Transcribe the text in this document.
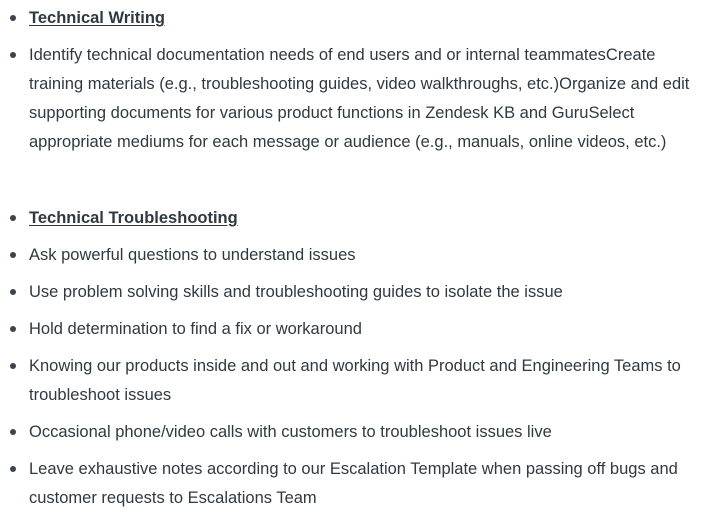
Technical Writing
Identify technical documentation needs of end users and or internal teammatesCreate training materials (e.g., troubleshooting guides, video walkthroughs, etc.)Organize and edit supporting documents for various product functions in Zendesk KB and GuruSelect appropriate mediums for each message or audience (e.g., manuals, online videos, etc.)
Technical Troubleshooting
Ask powerful questions to understand issues
Use problem solving skills and troubleshooting guides to isolate the issue
Hold determination to find a fix or workaround
Knowing our products inside and out and working with Product and Engineering Teams to troubleshoot issues
Occasional phone/video calls with customers to troubleshoot issues live
Leave exhaustive notes according to our Escalation Template when passing off bugs and customer requests to Escalations Team
